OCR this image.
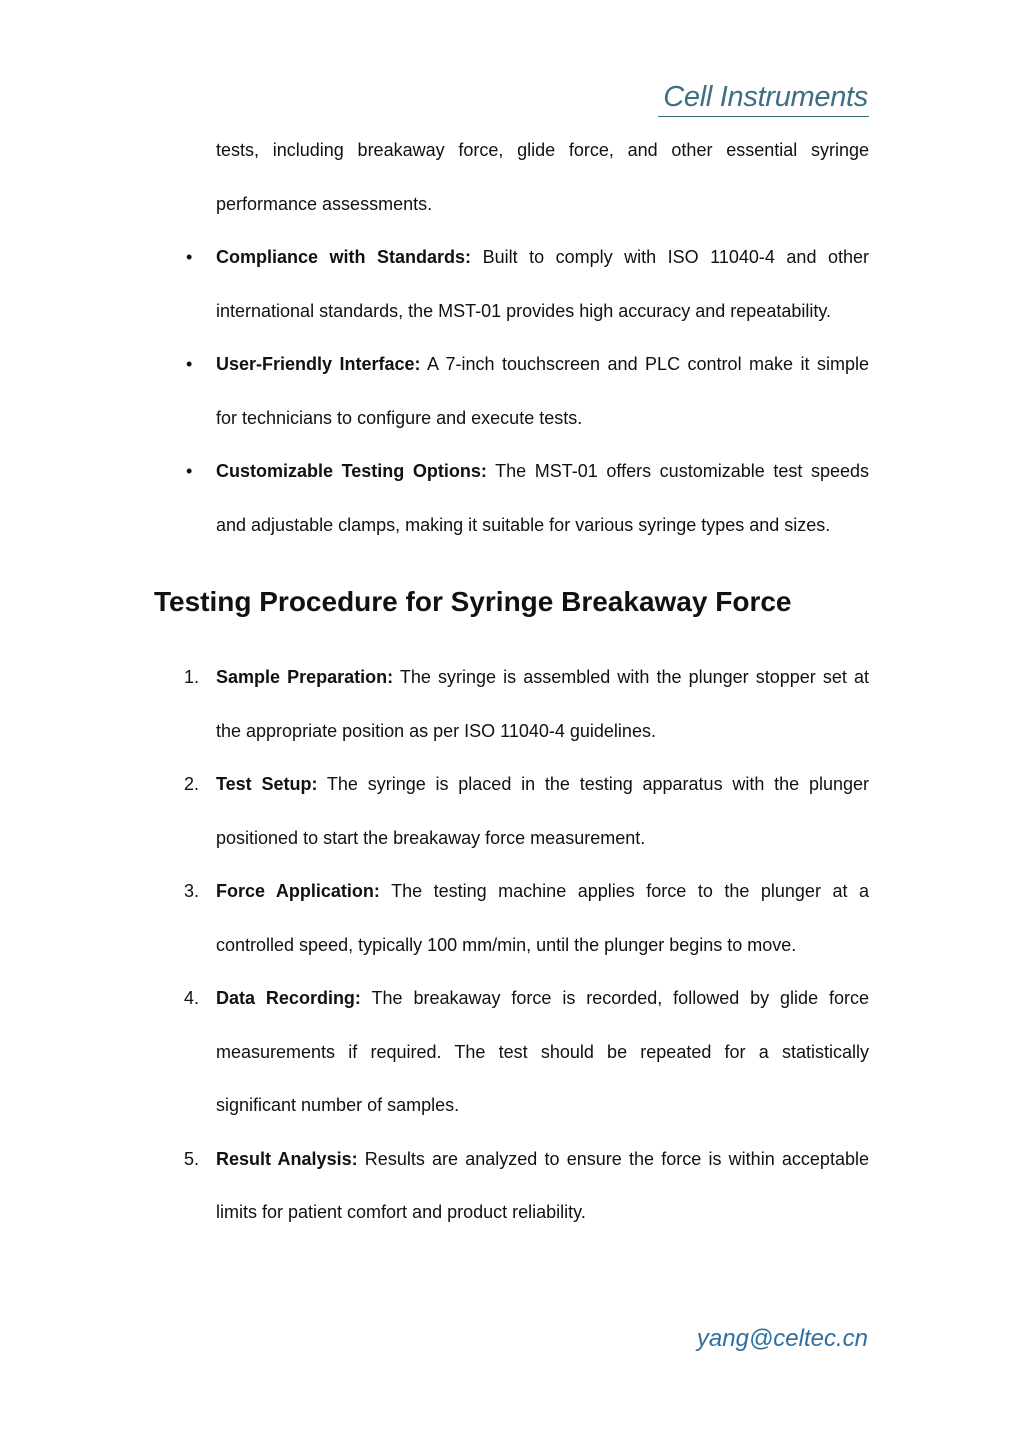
Cell Instruments

tests, including breakaway force, glide force, and other essential syringe performance assessments.

• Compliance with Standards: Built to comply with ISO 11040-4 and other international standards, the MST-01 provides high accuracy and repeatability.
• User-Friendly Interface: A 7-inch touchscreen and PLC control make it simple for technicians to configure and execute tests.
• Customizable Testing Options: The MST-01 offers customizable test speeds and adjustable clamps, making it suitable for various syringe types and sizes.
Testing Procedure for Syringe Breakaway Force
1. Sample Preparation: The syringe is assembled with the plunger stopper set at the appropriate position as per ISO 11040-4 guidelines.
2. Test Setup: The syringe is placed in the testing apparatus with the plunger positioned to start the breakaway force measurement.
3. Force Application: The testing machine applies force to the plunger at a controlled speed, typically 100 mm/min, until the plunger begins to move.
4. Data Recording: The breakaway force is recorded, followed by glide force measurements if required. The test should be repeated for a statistically significant number of samples.
5. Result Analysis: Results are analyzed to ensure the force is within acceptable limits for patient comfort and product reliability.
yang@celtec.cn
